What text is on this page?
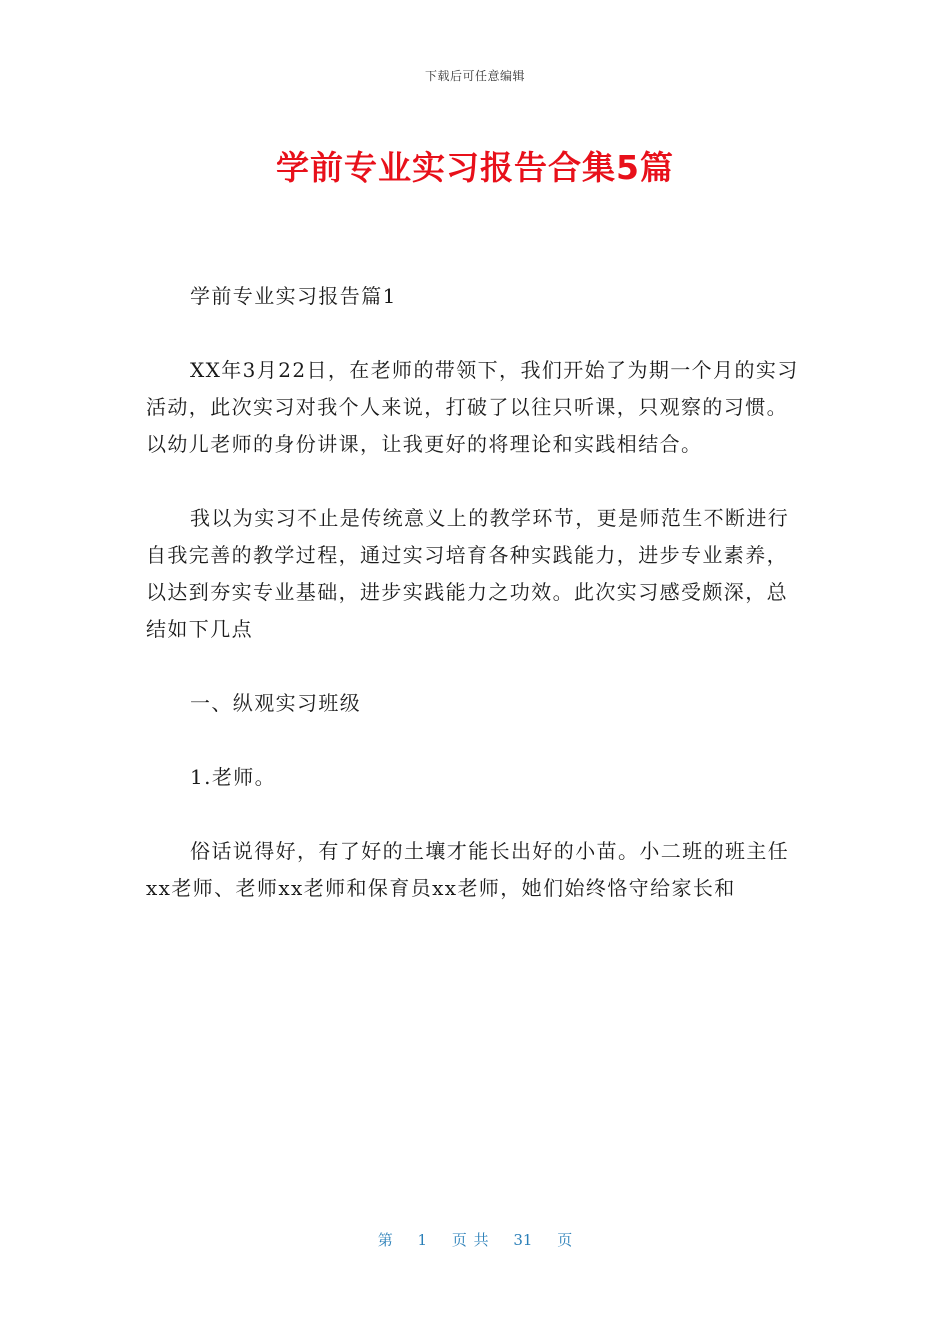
下载后可任意编辑
学前专业实习报告合集5篇

学前专业实习报告篇1

XX年3月22日，在老师的带领下，我们开始了为期一个月的实习活动，此次实习对我个人来说，打破了以往只听课，只观察的习惯。以幼儿老师的身份讲课，让我更好的将理论和实践相结合。

我以为实习不止是传统意义上的教学环节，更是师范生不断进行自我完善的教学过程，通过实习培育各种实践能力，进步专业素养，以达到夯实专业基础，进步实践能力之功效。此次实习感受颇深，总结如下几点

一、纵观实习班级

1.老师。

俗话说得好，有了好的土壤才能长出好的小苗。小二班的班主任xx老师、老师xx老师和保育员xx老师，她们始终恪守给家长和

第 1 页 共 31 页
